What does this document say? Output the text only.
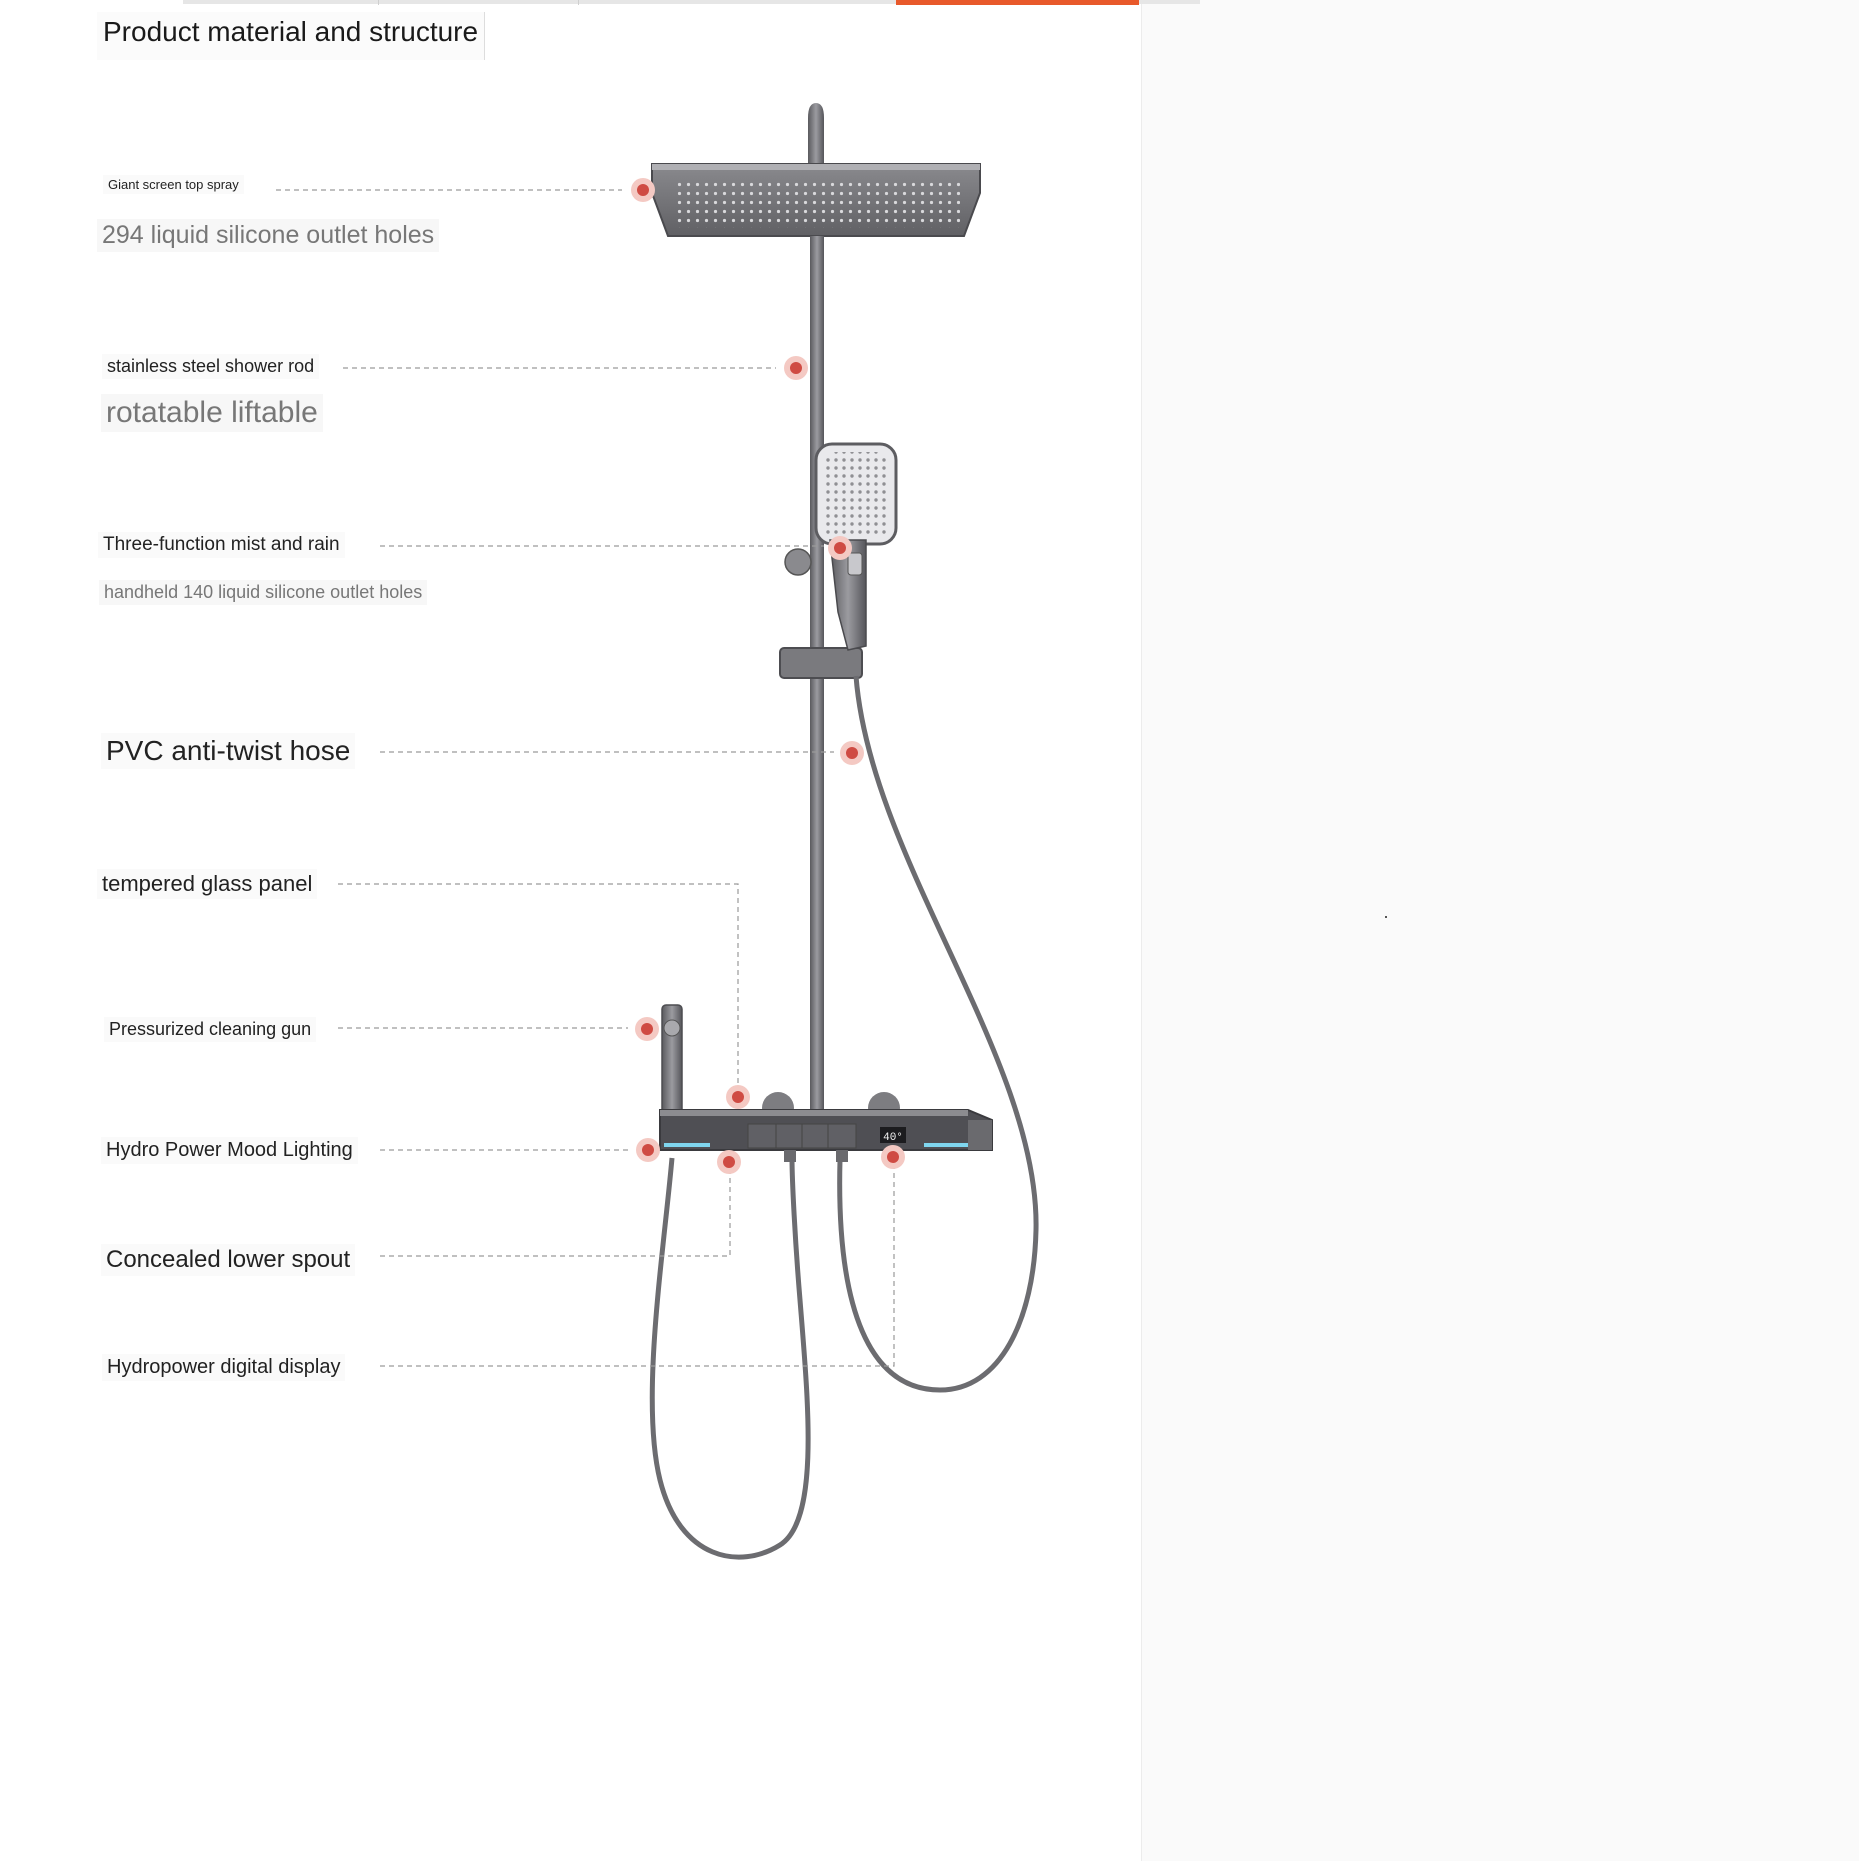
Product material and structure
Giant screen top spray
294 liquid silicone outlet holes
stainless steel shower rod
rotatable liftable
Three-function mist and rain
handheld 140 liquid silicone outlet holes
PVC anti-twist hose
tempered glass panel
Pressurized cleaning gun
Hydro Power Mood Lighting
Concealed lower spout
Hydropower digital display
40°
